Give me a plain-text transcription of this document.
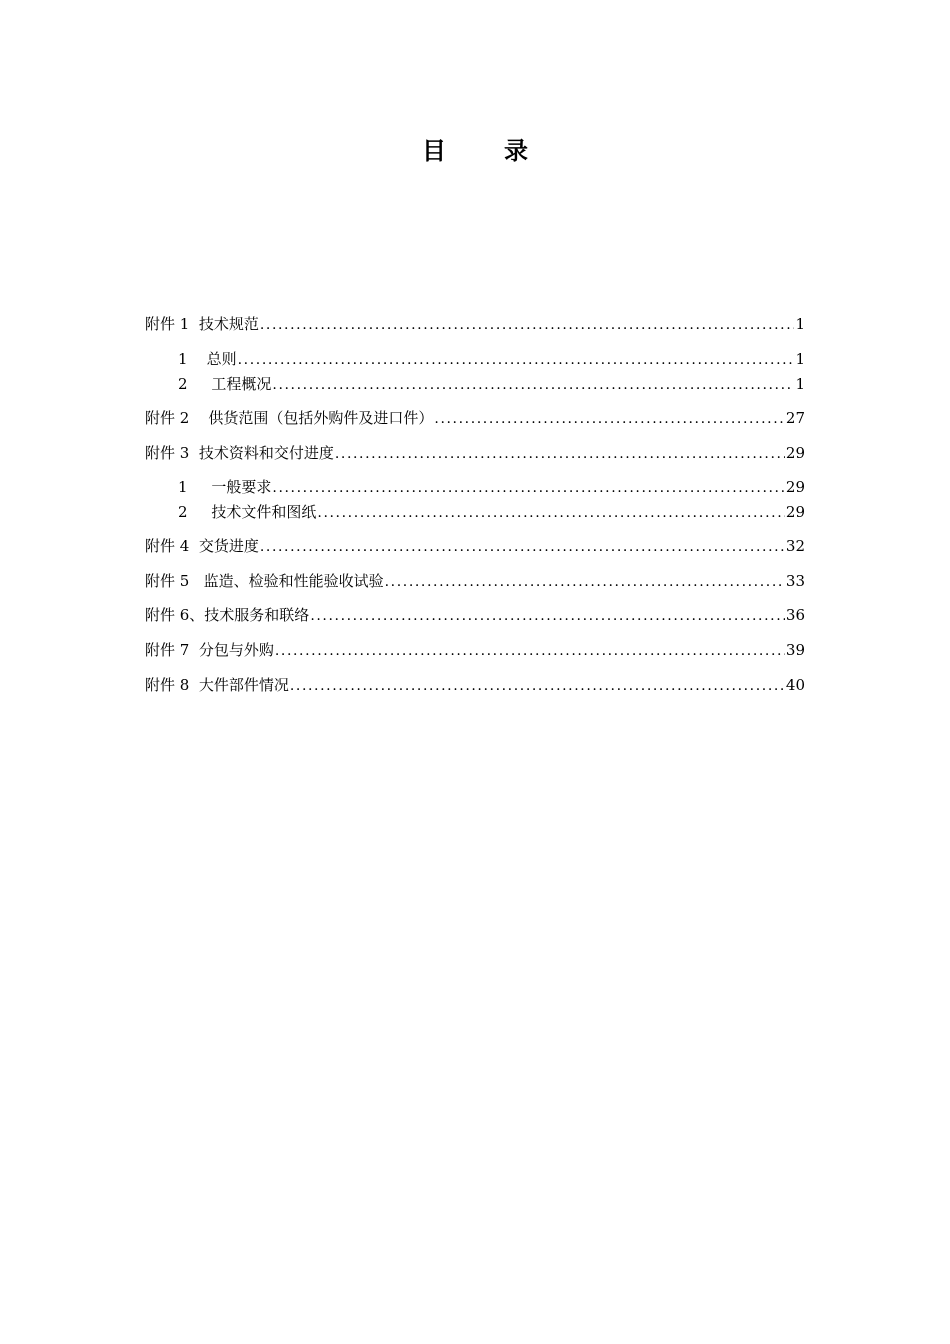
目 录
附件 1  技术规范 .....	1
1    总则 .....	1
2     工程概况 .....	1
附件 2    供货范围（包括外购件及进口件） .....	27
附件 3  技术资料和交付进度 .....	29
1     一般要求 .....	29
2     技术文件和图纸 .....	29
附件 4  交货进度 .....	32
附件 5   监造、检验和性能验收试验 .....	33
附件 6、技术服务和联络 .....	36
附件 7  分包与外购 .....	39
附件 8  大件部件情况 .....	40
